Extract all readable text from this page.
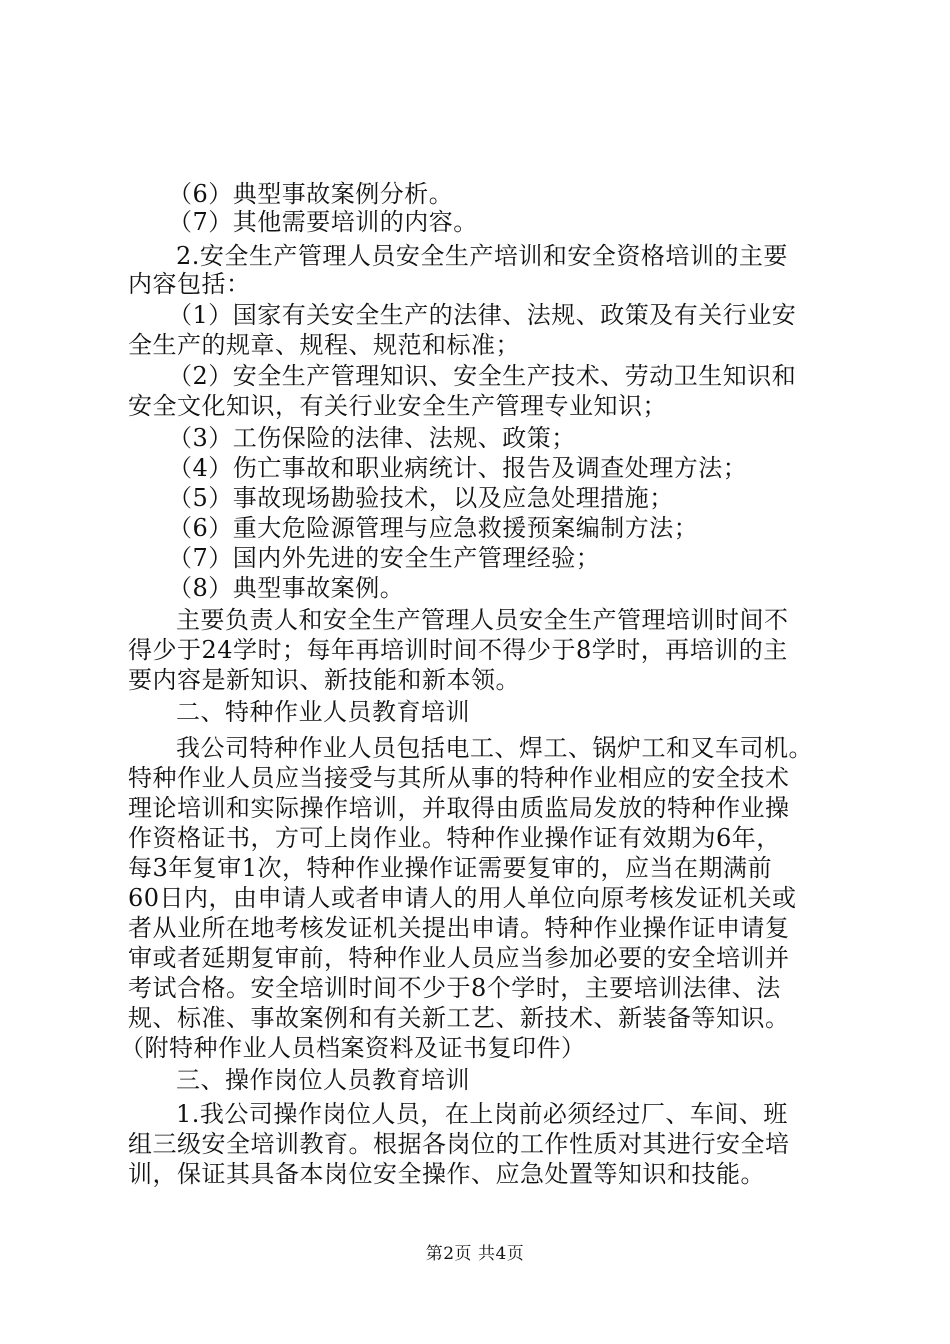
（6）典型事故案例分析。
（7）其他需要培训的内容。
2.安全生产管理人员安全生产培训和安全资格培训的主要
内容包括：
（1）国家有关安全生产的法律、法规、政策及有关行业安
全生产的规章、规程、规范和标准；
（2）安全生产管理知识、安全生产技术、劳动卫生知识和
安全文化知识，有关行业安全生产管理专业知识；
（3）工伤保险的法律、法规、政策；
（4）伤亡事故和职业病统计、报告及调查处理方法；
（5）事故现场勘验技术，以及应急处理措施；
（6）重大危险源管理与应急救援预案编制方法；
（7）国内外先进的安全生产管理经验；
（8）典型事故案例。
主要负责人和安全生产管理人员安全生产管理培训时间不
得少于24学时；每年再培训时间不得少于8学时，再培训的主
要内容是新知识、新技能和新本领。
二、特种作业人员教育培训
我公司特种作业人员包括电工、焊工、锅炉工和叉车司机。
特种作业人员应当接受与其所从事的特种作业相应的安全技术
理论培训和实际操作培训，并取得由质监局发放的特种作业操
作资格证书，方可上岗作业。特种作业操作证有效期为6年，
每3年复审1次，特种作业操作证需要复审的，应当在期满前
60日内，由申请人或者申请人的用人单位向原考核发证机关或
者从业所在地考核发证机关提出申请。特种作业操作证申请复
审或者延期复审前，特种作业人员应当参加必要的安全培训并
考试合格。安全培训时间不少于8个学时，主要培训法律、法
规、标准、事故案例和有关新工艺、新技术、新装备等知识。
（附特种作业人员档案资料及证书复印件）
三、操作岗位人员教育培训
1.我公司操作岗位人员，在上岗前必须经过厂、车间、班
组三级安全培训教育。根据各岗位的工作性质对其进行安全培
训，保证其具备本岗位安全操作、应急处置等知识和技能。
第2页 共4页
